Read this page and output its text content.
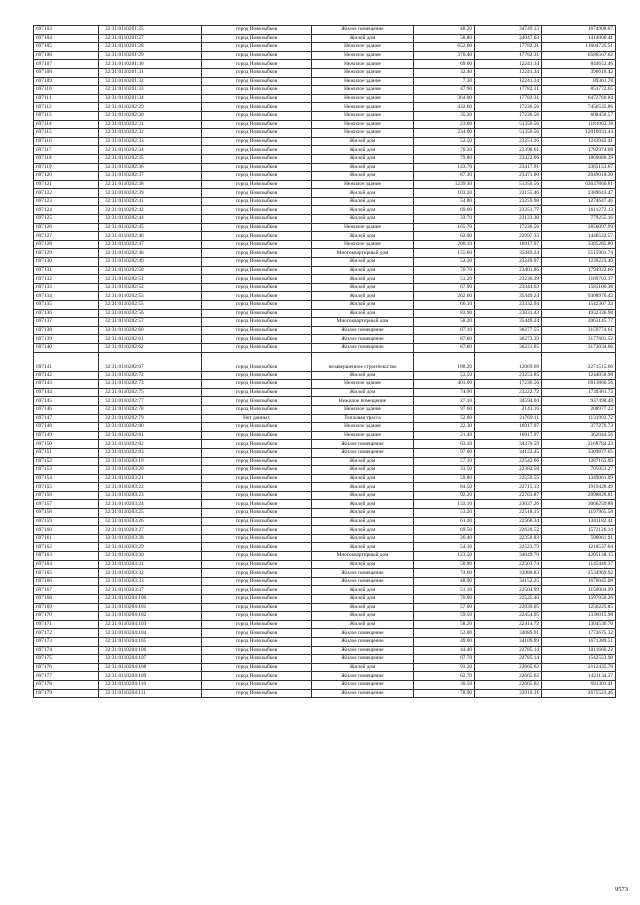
697103	32:31:0110201:25	город Новозыбков	Жилое помещение	48.20	34749.13	1674908.07
697104	32:31:0110201:27	город Новозыбков	Жилой дом	58.80	24047.63	1414000.41
697105	32:31:0110201:28	город Новозыбков	Нежилое здание	652.60	17782.31	11604735.51
697106	32:31:0110201:29	город Новозыбков	Нежилое здание	370.40	17782.31	6586567.62
697107	32:31:0110201:30	город Новозыбков	Нежилое здание	69.00	12241.34	844652.46
697108	32:31:0110201:31	город Новозыбков	Нежилое здание	32.40	12241.34	396619.42
697109	32:31:0110201:32	город Новозыбков	Нежилое здание	7.30	12241.34	89361.78
697110	32:31:0110201:33	город Новозыбков	Нежилое здание	47.90	17782.31	851772.65
697111	32:31:0110201:34	город Новозыбков	Нежилое здание	364.00	17782.31	6472760.84
697112	32:31:0110202:29	город Новозыбков	Нежилое здание	432.60	17236.56	7456535.86
697113	32:31:0110202:30	город Новозыбков	Нежилое здание	35.30	17236.56	608450.57
697114	32:31:0110202:31	город Новозыбков	Нежилое здание	23.00	51350.56	1181063.18
697115	32:31:0110202:32	город Новозыбков	Нежилое здание	234.00	51350.56	12016031.44
697116	32:31:0110202:33	город Новозыбков	Жилой дом	53.50	23251.26	1243942.41
697117	32:31:0110202:34	город Новозыбков	Жилой дом	76.20	23398.61	1782974.08
697118	32:31:0110202:35	город Новозыбков	Жилой дом	79.80	23422.06	1869080.39
697119	32:31:0110202:36	город Новозыбков	Жилой дом	143.70	23417.91	3365153.67
697120	32:31:0110202:37	город Новозыбков	Жилой дом	87.30	23471.00	2049018.30
697121	32:31:0110202:38	город Новозыбков	Нежилое здание	1239.30	51350.56	63637860.81
697122	32:31:0110202:39	город Новозыбков	Жилой дом	103.20	23155.46	2389643.47
697123	32:31:0110202:41	город Новозыбков	Жилой дом	54.80	23259.98	1274647.46
697124	32:31:0110202:42	город Новозыбков	Жилой дом	69.00	23351.77	1611272.13
697125	32:31:0110202:44	город Новозыбков	Жилой дом	33.70	23123.30	779255.16
697126	32:31:0110202:45	город Новозыбков	Нежилое здание	165.70	17236.56	2856097.99
697127	32:31:0110202:46	город Новозыбков	Жилой дом	62.90	22997.33	1446532.57
697128	32:31:0110202:47	город Новозыбков	Нежилое здание	200.10	16917.97	3385285.80
697129	32:31:0110202:48	город Новозыбков	Многоквартирный дом	155.60	35449.24	5515901.74
697130	32:31:0110202:49	город Новозыбков	Жилой дом	53.30	23249.97	1239223.40
697131	32:31:0110202:50	город Новозыбков	Жилой дом	76.70	23401.86	1794922.66
697132	32:31:0110202:51	город Новозыбков	Жилой дом	51.20	23236.39	1189703.17
697133	32:31:0110202:52	город Новозыбков	Жилой дом	67.90	23344.63	1585100.38
697134	32:31:0110202:53	город Новозыбков	Жилой дом	262.60	35449.24	9308970.42
697135	32:31:0110202:55	город Новозыбков	Жилой дом	66.10	23332.94	1542307.33
697136	32:31:0110202:56	город Новозыбков	Жилой дом	83.90	23031.43	1932336.98
697137	32:31:0110202:57	город Новозыбков	Многоквартирный дом	58.20	35449.24	2063145.77
697138	32:31:0110202:60	город Новозыбков	Жилое помещение	87.10	36277.55	3159774.61
697139	32:31:0110202:61	город Новозыбков	Жилое помещение	87.60	36273.39	3177601.52
697140	32:31:0110202:62	город Новозыбков	Жилое помещение	87.60	36221.85	3173034.06
697141	32:31:0110202:67	город Новозыбков	незавершенное строительство	188.20	12069.69	2271515.66
697142	32:31:0110202:72	город Новозыбков	Жилой дом	53.50	23253.85	1244058.98
697143	32:31:0110202:73	город Новозыбков	Нежилое здание	401.00	17236.56	6911860.56
697144	32:31:0110202:75	город Новозыбков	Жилой дом	74.90	23222.72	1739381.73
697145	32:31:0110202:77	город Новозыбков	Нежилое помещение	27.10	34594.04	937498.48
697146	32:31:0110202:78	город Новозыбков	Нежилое здание	97.60	2141.16	208977.22
697147	32:31:0110202:79	Нет данных	Тепловая трасса	52.00	21769.11	1131993.72
697148	32:31:0110202:80	город Новозыбков	Нежилое здание	22.30	16917.97	377270.73
697149	32:31:0110202:81	город Новозыбков	Нежилое здание	21.40	16917.97	362044.56
697150	32:31:0110202:82	город Новозыбков	Жилое помещение	63.10	34370.59	2168784.23
697151	32:31:0110202:83	город Новозыбков	Жилое помещение	97.00	34122.45	3309877.65
697152	32:31:0110203:19	город Новозыбков	Жилой дом	57.10	22542.66	1287165.89
697153	32:31:0110203:20	город Новозыбков	Жилой дом	31.50	22382.58	705051.27
697154	32:31:0110203:21	город Новозыбков	Жилой дом	59.80	22559.55	1349061.09
697155	32:31:0110203:22	город Новозыбков	Жилой дом	84.50	22715.13	1919428.49
697156	32:31:0110203:23	город Новозыбков	Жилой дом	92.20	22763.87	2098828.81
697157	32:31:0110203:24	город Новозыбков	Жилой дом	133.10	23037.26	3066259.88
697158	32:31:0110203:25	город Новозыбков	Жилой дом	53.20	22518.15	1197965.58
697159	32:31:0110203:26	город Новозыбков	Жилой дом	61.20	22568.34	1381182.41
697160	32:31:0110203:27	город Новозыбков	Жилой дом	69.50	22620.52	1572126.14
697161	32:31:0110203:28	город Новозыбков	Жилой дом	26.40	22350.83	590061.91
697162	32:31:0110203:29	город Новозыбков	Жилой дом	54.10	22523.79	1218537.04
697163	32:31:0110203:30	город Новозыбков	Многоквартирный дом	123.50	34049.70	4205138.15
697164	32:31:0110203:31	город Новозыбков	Жилой дом	50.90	22503.74	1145440.37
697165	32:31:0110203:32	город Новозыбков	Жилое помещение	74.60	33980.83	2534969.92
697166	32:31:0110203:33	город Новозыбков	Жилое помещение	48.90	34152.25	1670045.08
697167	32:31:0110203:37	город Новозыбков	Жилой дом	51.10	22504.99	1150004.99
697168	32:31:0110204:100	город Новозыбков	Жилой дом	70.90	22525.40	1597050.36
697169	32:31:0110204:101	город Новозыбков	Жилой дом	57.00	22039.05	1256225.85
697170	32:31:0110204:102	город Новозыбков	Жилой дом	59.50	22454.05	1336015.98
697171	32:31:0110204:103	город Новозыбков	Жилой дом	58.20	22414.72	1304536.70
697172	32:31:0110204:104	город Новозыбков	Жилое помещение	52.00	34089.91	1772675.32
697173	32:31:0110204:105	город Новозыбков	Жилое помещение	49.00	34109.99	1671389.51
697174	32:31:0110204:106	город Новозыбков	Жилое помещение	44.40	22785.14	1011660.22
697175	32:31:0110204:107	город Новозыбков	Жилое помещение	67.70	22785.14	1542553.98
697176	32:31:0110204:108	город Новозыбков	Жилой дом	93.20	22665.62	2112435.78
697177	32:31:0110204:109	город Новозыбков	Жилое помещение	62.70	22665.62	1421134.37
697178	32:31:0110204:110	город Новозыбков	Жилое помещение	30.50	22665.62	691301.41
697179	32:31:0110204:111	город Новозыбков	Жилое помещение	78.90	33910.31	2675523.46
9573
